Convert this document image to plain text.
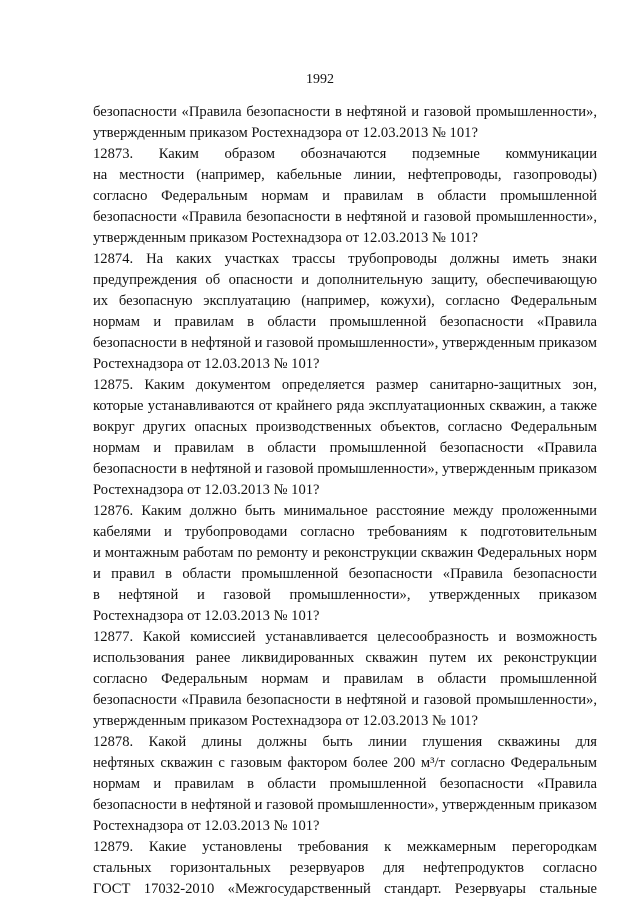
1992
безопасности «Правила безопасности в нефтяной и газовой промышленности»,
утвержденным приказом Ростехнадзора от 12.03.2013 № 101?
12873. Каким образом обозначаются подземные коммуникации
на местности (например, кабельные линии, нефтепроводы, газопроводы)
согласно Федеральным нормам и правилам в области промышленной
безопасности «Правила безопасности в нефтяной и газовой промышленности»,
утвержденным приказом Ростехнадзора от 12.03.2013 № 101?
12874. На каких участках трассы трубопроводы должны иметь знаки
предупреждения об опасности и дополнительную защиту, обеспечивающую
их безопасную эксплуатацию (например, кожухи), согласно Федеральным
нормам и правилам в области промышленной безопасности «Правила
безопасности в нефтяной и газовой промышленности», утвержденным приказом
Ростехнадзора от 12.03.2013 № 101?
12875. Каким документом определяется размер санитарно-защитных зон,
которые устанавливаются от крайнего ряда эксплуатационных скважин, а также
вокруг других опасных производственных объектов, согласно Федеральным
нормам и правилам в области промышленной безопасности «Правила
безопасности в нефтяной и газовой промышленности», утвержденным приказом
Ростехнадзора от 12.03.2013 № 101?
12876. Каким должно быть минимальное расстояние между проложенными
кабелями и трубопроводами согласно требованиям к подготовительным
и монтажным работам по ремонту и реконструкции скважин Федеральных норм
и правил в области промышленной безопасности «Правила безопасности
в нефтяной и газовой промышленности», утвержденных приказом
Ростехнадзора от 12.03.2013 № 101?
12877. Какой комиссией устанавливается целесообразность и возможность
использования ранее ликвидированных скважин путем их реконструкции
согласно Федеральным нормам и правилам в области промышленной
безопасности «Правила безопасности в нефтяной и газовой промышленности»,
утвержденным приказом Ростехнадзора от 12.03.2013 № 101?
12878. Какой длины должны быть линии глушения скважины для
нефтяных скважин с газовым фактором более 200 м³/т согласно Федеральным
нормам и правилам в области промышленной безопасности «Правила
безопасности в нефтяной и газовой промышленности», утвержденным приказом
Ростехнадзора от 12.03.2013 № 101?
12879. Какие установлены требования к межкамерным перегородкам
стальных горизонтальных резервуаров для нефтепродуктов согласно
ГОСТ 17032-2010 «Межгосударственный стандарт. Резервуары стальные
